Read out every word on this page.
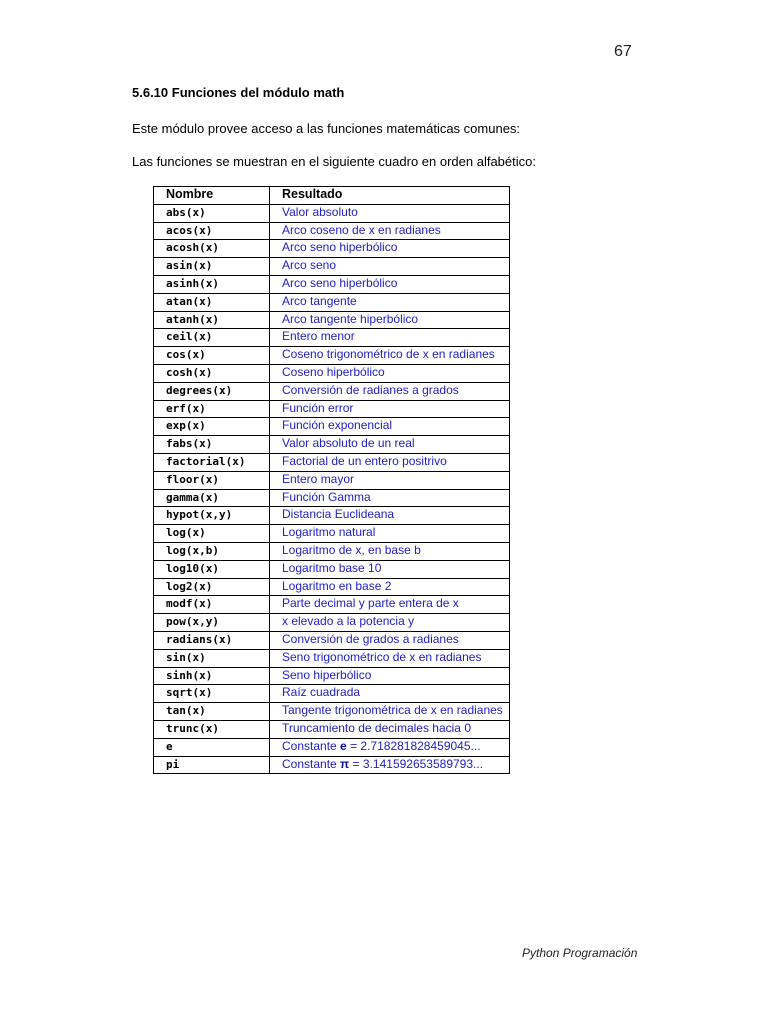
67
5.6.10 Funciones del módulo math
Este módulo provee acceso a las funciones matemáticas comunes:
Las funciones se muestran en el siguiente cuadro en orden alfabético:
Nombre	Resultado
abs(x)	Valor absoluto
acos(x)	Arco coseno de x en radianes
acosh(x)	Arco seno hiperbólico
asin(x)	Arco seno
asinh(x)	Arco seno hiperbólico
atan(x)	Arco tangente
atanh(x)	Arco tangente hiperbólico
ceil(x)	Entero menor
cos(x)	Coseno trigonométrico de x en radianes
cosh(x)	Coseno hiperbólico
degrees(x)	Conversión de radianes a grados
erf(x)	Función error
exp(x)	Función exponencial
fabs(x)	Valor absoluto de un real
factorial(x)	Factorial de un entero positrivo
floor(x)	Entero mayor
gamma(x)	Función Gamma
hypot(x,y)	Distancia Euclideana
log(x)	Logaritmo natural
log(x,b)	Logaritmo de x, en base b
log10(x)	Logaritmo base 10
log2(x)	Logaritmo en base 2
modf(x)	Parte decimal y parte entera de x
pow(x,y)	x elevado a la potencia y
radians(x)	Conversión de grados a radianes
sin(x)	Seno trigonométrico de x en radianes
sinh(x)	Seno hiperbólico
sqrt(x)	Raíz cuadrada
tan(x)	Tangente trigonométrica de x en radianes
trunc(x)	Truncamiento de decimales hacia 0
e	Constante e = 2.718281828459045...
pi	Constante π = 3.141592653589793...
Python Programación
